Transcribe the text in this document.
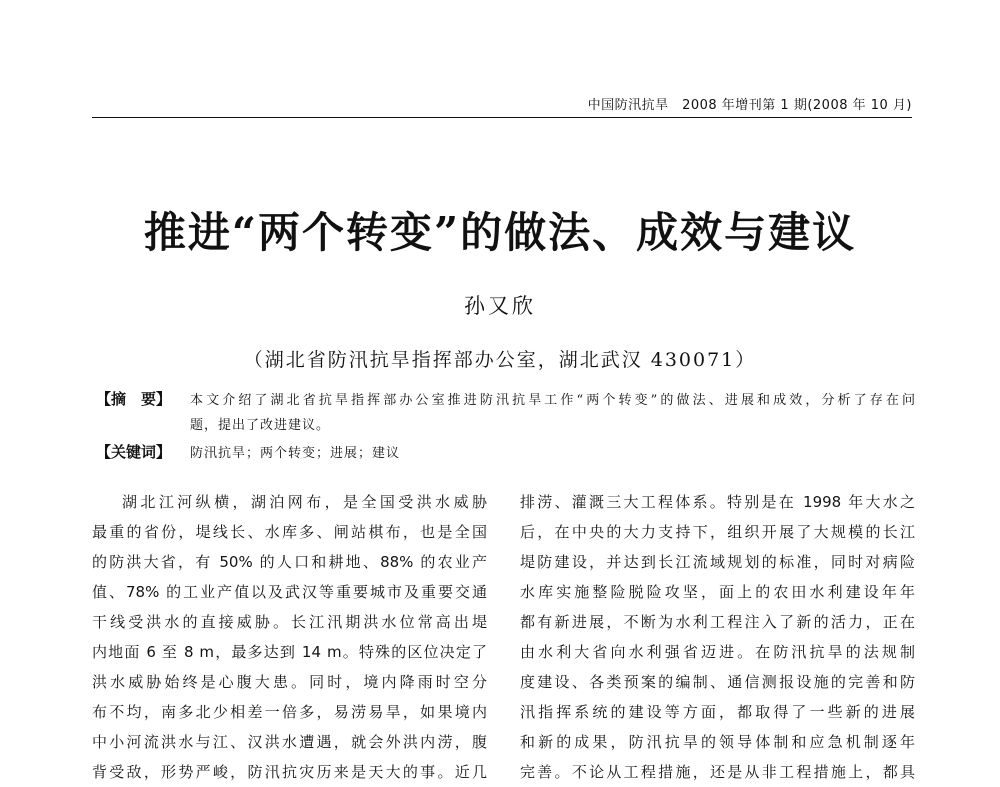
中国防汛抗旱　2008 年增刊第 1 期(2008 年 10 月)
推进“两个转变”的做法、成效与建议
孙又欣
（湖北省防汛抗旱指挥部办公室，湖北武汉 430071）
【摘　要】 本文介绍了湖北省抗旱指挥部办公室推进防汛抗旱工作“两个转变”的做法、进展和成效，分析了存在问
题，提出了改进建议。
【关键词】	防汛抗旱；两个转变；进展；建议
湖北江河纵横，湖泊网布，是全国受洪水威胁
最重的省份，堤线长、水库多、闸站棋布，也是全国
的防洪大省，有 50% 的人口和耕地、88% 的农业产
值、78% 的工业产值以及武汉等重要城市及重要交通
干线受洪水的直接威胁。长江汛期洪水位常高出堤
内地面 6 至 8 m，最多达到 14 m。特殊的区位决定了
洪水威胁始终是心腹大患。同时，境内降雨时空分
布不均，南多北少相差一倍多，易涝易旱，如果境内
中小河流洪水与江、汉洪水遭遇，就会外洪内涝，腹
背受敌，形势严峻，防汛抗灾历来是天大的事。近几
排涝、灌溉三大工程体系。特别是在 1998 年大水之
后，在中央的大力支持下，组织开展了大规模的长江
堤防建设，并达到长江流域规划的标准，同时对病险
水库实施整险脱险攻坚，面上的农田水利建设年年
都有新进展，不断为水利工程注入了新的活力，正在
由水利大省向水利强省迈进。在防汛抗旱的法规制
度建设、各类预案的编制、通信测报设施的完善和防
汛指挥系统的建设等方面，都取得了一些新的进展
和新的成果，防汛抗旱的领导体制和应急机制逐年
完善。不论从工程措施，还是从非工程措施上，都具
